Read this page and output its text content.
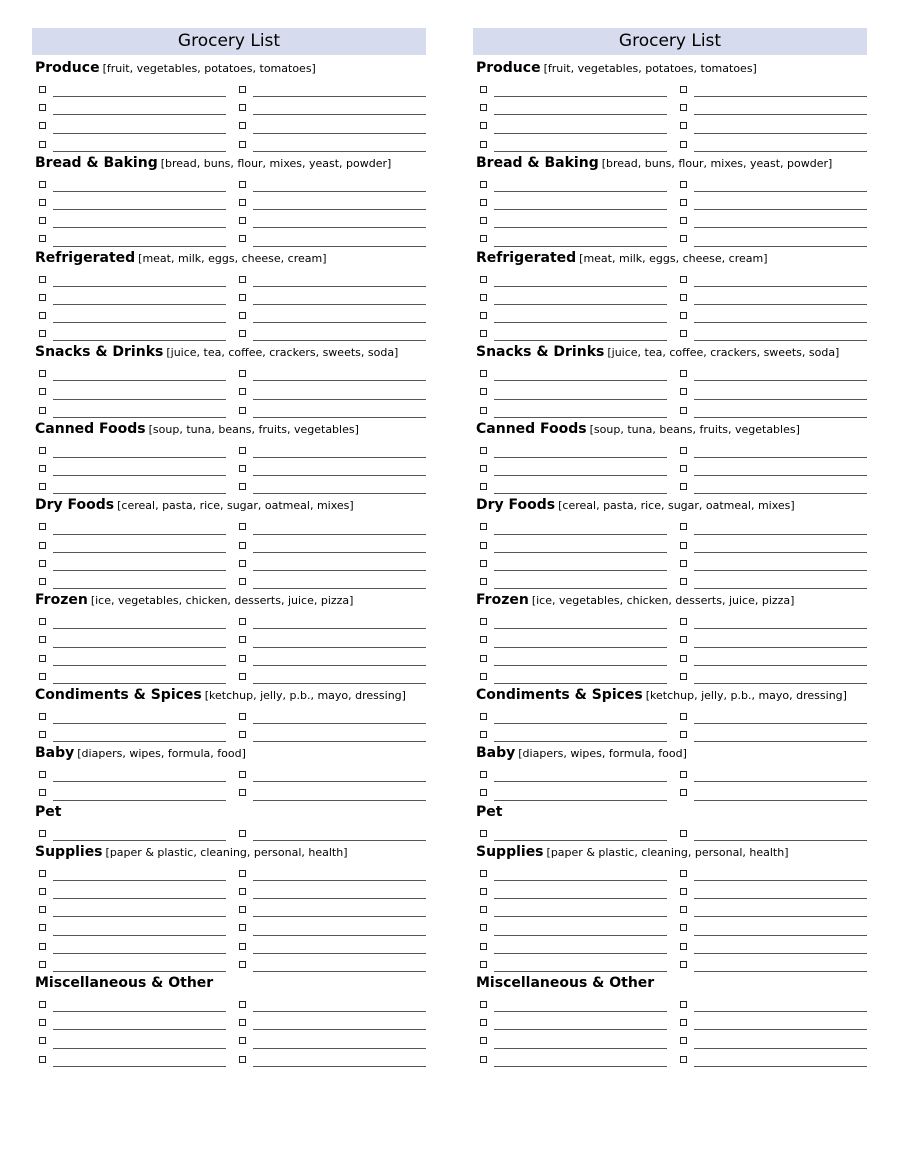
Grocery List
Produce [fruit, vegetables, potatoes, tomatoes]
Bread & Baking [bread, buns, flour, mixes, yeast, powder]
Refrigerated [meat, milk, eggs, cheese, cream]
Snacks & Drinks [juice, tea, coffee, crackers, sweets, soda]
Canned Foods [soup, tuna, beans, fruits, vegetables]
Dry Foods [cereal, pasta, rice, sugar, oatmeal, mixes]
Frozen [ice, vegetables, chicken, desserts, juice, pizza]
Condiments & Spices [ketchup, jelly, p.b., mayo, dressing]
Baby [diapers, wipes, formula, food]
Pet
Supplies [paper & plastic, cleaning, personal, health]
Miscellaneous & Other
Grocery List
Produce [fruit, vegetables, potatoes, tomatoes]
Bread & Baking [bread, buns, flour, mixes, yeast, powder]
Refrigerated [meat, milk, eggs, cheese, cream]
Snacks & Drinks [juice, tea, coffee, crackers, sweets, soda]
Canned Foods [soup, tuna, beans, fruits, vegetables]
Dry Foods [cereal, pasta, rice, sugar, oatmeal, mixes]
Frozen [ice, vegetables, chicken, desserts, juice, pizza]
Condiments & Spices [ketchup, jelly, p.b., mayo, dressing]
Baby [diapers, wipes, formula, food]
Pet
Supplies [paper & plastic, cleaning, personal, health]
Miscellaneous & Other
